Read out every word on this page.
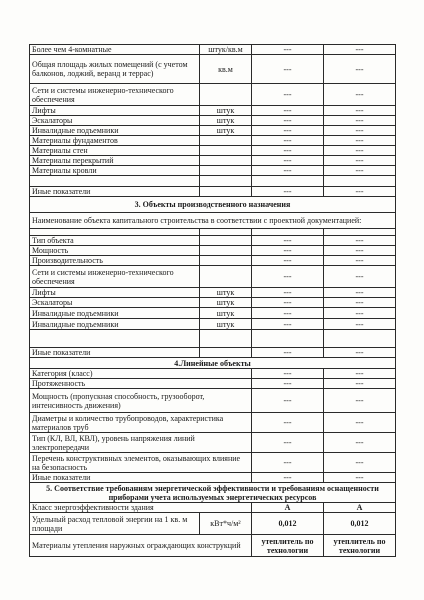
Более чем 4-комнатные	штук/кв.м	---	---
Общая площадь жилых помещений (с учетом балконов, лоджий, веранд и террас)	кв.м	---	---
Сети и системы инженерно-технического обеспечения		---	---
Лифты	штук	---	---
Эскалаторы	штук	---	---
Инвалидные подъемники	штук	---	---
Материалы фундаментов		---	---
Материалы стен		---	---
Материалы перекрытий		---	---
Материалы кровли		---	---

Иные показатели		---	---
3. Объекты производственного назначения			
Наименование объекта капитального строительства в соответствии с проектной документацией:			

Тип объекта		---	---
Мощность		---	---
Производительность		---	---
Сети и системы инженерно-технического обеспечения		---	---
Лифты	штук	---	---
Эскалаторы	штук	---	---
Инвалидные подъемники	штук	---	---
Инвалидные подъемники	штук	---	---

Иные показатели		---	---
4.Линейные объекты			
Категория (класс)		---	---
Протяженность		---	---
Мощность (пропускная способность, грузооборот, интенсивность движения)		---	---
Диаметры и количество трубопроводов, характеристика материалов труб		---	---
Тип (КЛ, ВЛ, КВЛ), уровень напряжения линий электропередачи		---	---
Перечень конструктивных элементов, оказывающих влияние на безопасность		---	---
Иные показатели		---	---
5. Соответствие требованиям энергетической эффективности и требованиям оснащенности приборами учета используемых энергетических ресурсов			
Класс энергоэффективности здания		А	А
Удельный расход тепловой энергии на 1 кв. м площади	кВт*ч/м²	0,012	0,012
Материалы утепления наружных ограждающих конструкций		утеплитель по технологии	утеплитель по технологии
